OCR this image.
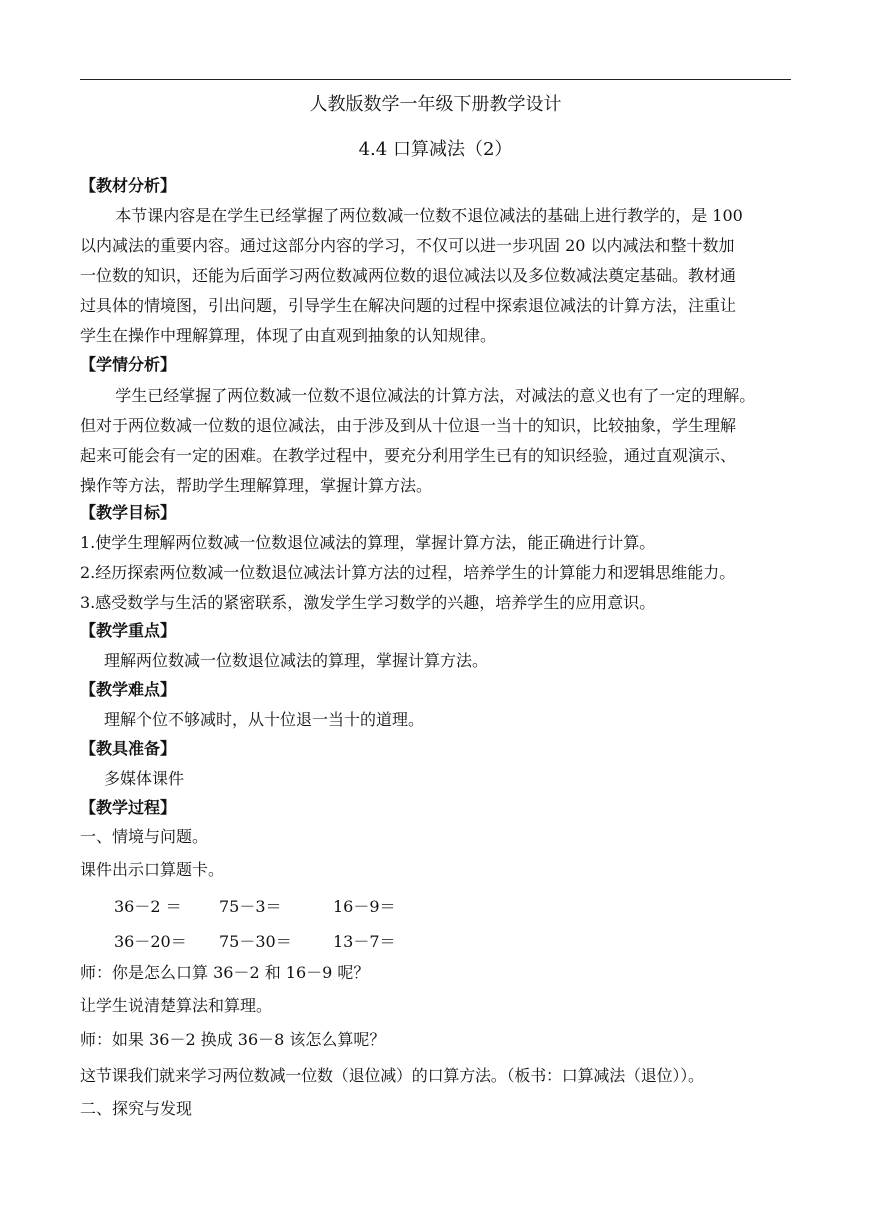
人教版数学一年级下册教学设计
4.4 口算减法（2）
【教材分析】
本节课内容是在学生已经掌握了两位数减一位数不退位减法的基础上进行教学的，是 100
以内减法的重要内容。通过这部分内容的学习，不仅可以进一步巩固 20 以内减法和整十数加
一位数的知识，还能为后面学习两位数减两位数的退位减法以及多位数减法奠定基础。教材通
过具体的情境图，引出问题，引导学生在解决问题的过程中探索退位减法的计算方法，注重让
学生在操作中理解算理，体现了由直观到抽象的认知规律。
【学情分析】
学生已经掌握了两位数减一位数不退位减法的计算方法，对减法的意义也有了一定的理解。
但对于两位数减一位数的退位减法，由于涉及到从十位退一当十的知识，比较抽象，学生理解
起来可能会有一定的困难。在教学过程中，要充分利用学生已有的知识经验，通过直观演示、
操作等方法，帮助学生理解算理，掌握计算方法。
【教学目标】
1.使学生理解两位数减一位数退位减法的算理，掌握计算方法，能正确进行计算。
2.经历探索两位数减一位数退位减法计算方法的过程，培养学生的计算能力和逻辑思维能力。
3.感受数学与生活的紧密联系，激发学生学习数学的兴趣，培养学生的应用意识。
【教学重点】
理解两位数减一位数退位减法的算理，掌握计算方法。
【教学难点】
理解个位不够减时，从十位退一当十的道理。
【教具准备】
多媒体课件
【教学过程】
一、情境与问题。
课件出示口算题卡。
36－2 ＝ 75－3＝	16－9＝
36－20＝ 75－30＝	13－7＝
师：你是怎么口算 36－2 和 16－9 呢？
让学生说清楚算法和算理。
师：如果 36－2 换成 36－8 该怎么算呢？
这节课我们就来学习两位数减一位数（退位减）的口算方法。（板书：口算减法（退位））。
二、探究与发现
